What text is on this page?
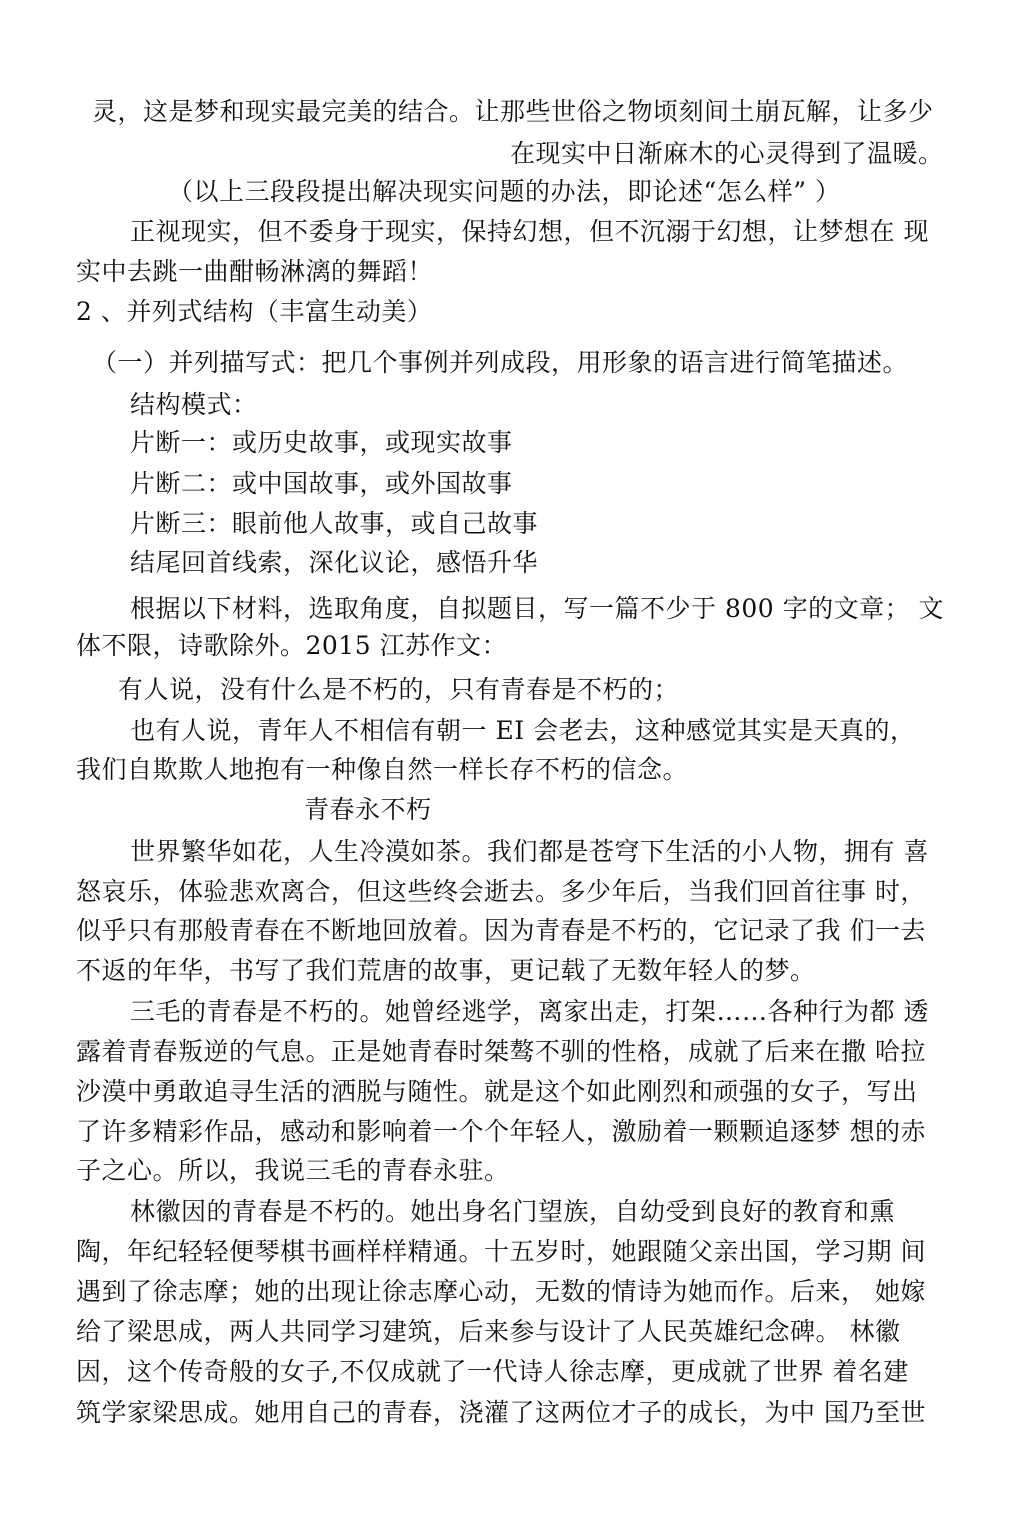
灵，这是梦和现实最完美的结合。让那些世俗之物顷刻间土崩瓦解，让多少
在现实中日渐麻木的心灵得到了温暖。
（以上三段段提出解决现实问题的办法，即论述“怎么样” ）
正视现实，但不委身于现实，保持幻想，但不沉溺于幻想，让梦想在 现
实中去跳一曲酣畅淋漓的舞蹈！
2 、并列式结构（丰富生动美）
（一）并列描写式：把几个事例并列成段，用形象的语言进行简笔描述。
结构模式：
片断一：或历史故事，或现实故事
片断二：或中国故事，或外国故事
片断三：眼前他人故事，或自己故事
结尾回首线索，深化议论，感悟升华
根据以下材料，选取角度，自拟题目，写一篇不少于 800 字的文章； 文
体不限，诗歌除外。2015 江苏作文：
有人说，没有什么是不朽的，只有青春是不朽的；
也有人说，青年人不相信有朝一 EI 会老去，这种感觉其实是天真的，
我们自欺欺人地抱有一种像自然一样长存不朽的信念。
青春永不朽
世界繁华如花，人生冷漠如茶。我们都是苍穹下生活的小人物，拥有 喜
怒哀乐，体验悲欢离合，但这些终会逝去。多少年后，当我们回首往事 时，
似乎只有那般青春在不断地回放着。因为青春是不朽的，它记录了我 们一去
不返的年华，书写了我们荒唐的故事，更记载了无数年轻人的梦。
三毛的青春是不朽的。她曾经逃学，离家出走，打架……各种行为都 透
露着青春叛逆的气息。正是她青春时桀骜不驯的性格，成就了后来在撒 哈拉
沙漠中勇敢追寻生活的洒脱与随性。就是这个如此刚烈和顽强的女子，写出
了许多精彩作品，感动和影响着一个个年轻人，激励着一颗颗追逐梦 想的赤
子之心。所以，我说三毛的青春永驻。
林徽因的青春是不朽的。她出身名门望族，自幼受到良好的教育和熏
陶，年纪轻轻便琴棋书画样样精通。十五岁时，她跟随父亲出国，学习期 间
遇到了徐志摩；她的出现让徐志摩心动，无数的情诗为她而作。后来， 她嫁
给了梁思成，两人共同学习建筑，后来参与设计了人民英雄纪念碑。 林徽
因，这个传奇般的女子,不仅成就了一代诗人徐志摩，更成就了世界 着名建
筑学家梁思成。她用自己的青春，浇灌了这两位才子的成长，为中 国乃至世
